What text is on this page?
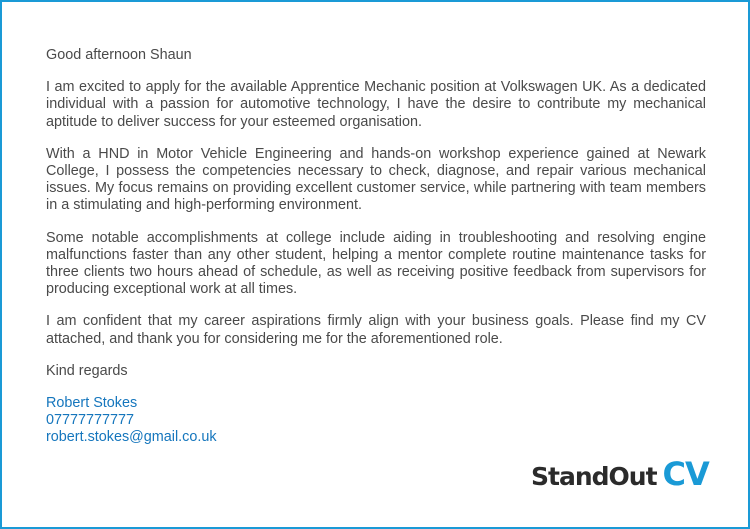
Good afternoon Shaun

I am excited to apply for the available Apprentice Mechanic position at Volkswagen UK. As a dedicated individual with a passion for automotive technology, I have the desire to contribute my mechanical aptitude to deliver success for your esteemed organisation.

With a HND in Motor Vehicle Engineering and hands-on workshop experience gained at Newark College, I possess the competencies necessary to check, diagnose, and repair various mechanical issues. My focus remains on providing excellent customer service, while partnering with team members in a stimulating and high-performing environment.

Some notable accomplishments at college include aiding in troubleshooting and resolving engine malfunctions faster than any other student, helping a mentor complete routine maintenance tasks for three clients two hours ahead of schedule, as well as receiving positive feedback from supervisors for producing exceptional work at all times.

I am confident that my career aspirations firmly align with your business goals. Please find my CV attached, and thank you for considering me for the aforementioned role.

Kind regards

Robert Stokes
07777777777
robert.stokes@gmail.co.uk
StandOut CV
